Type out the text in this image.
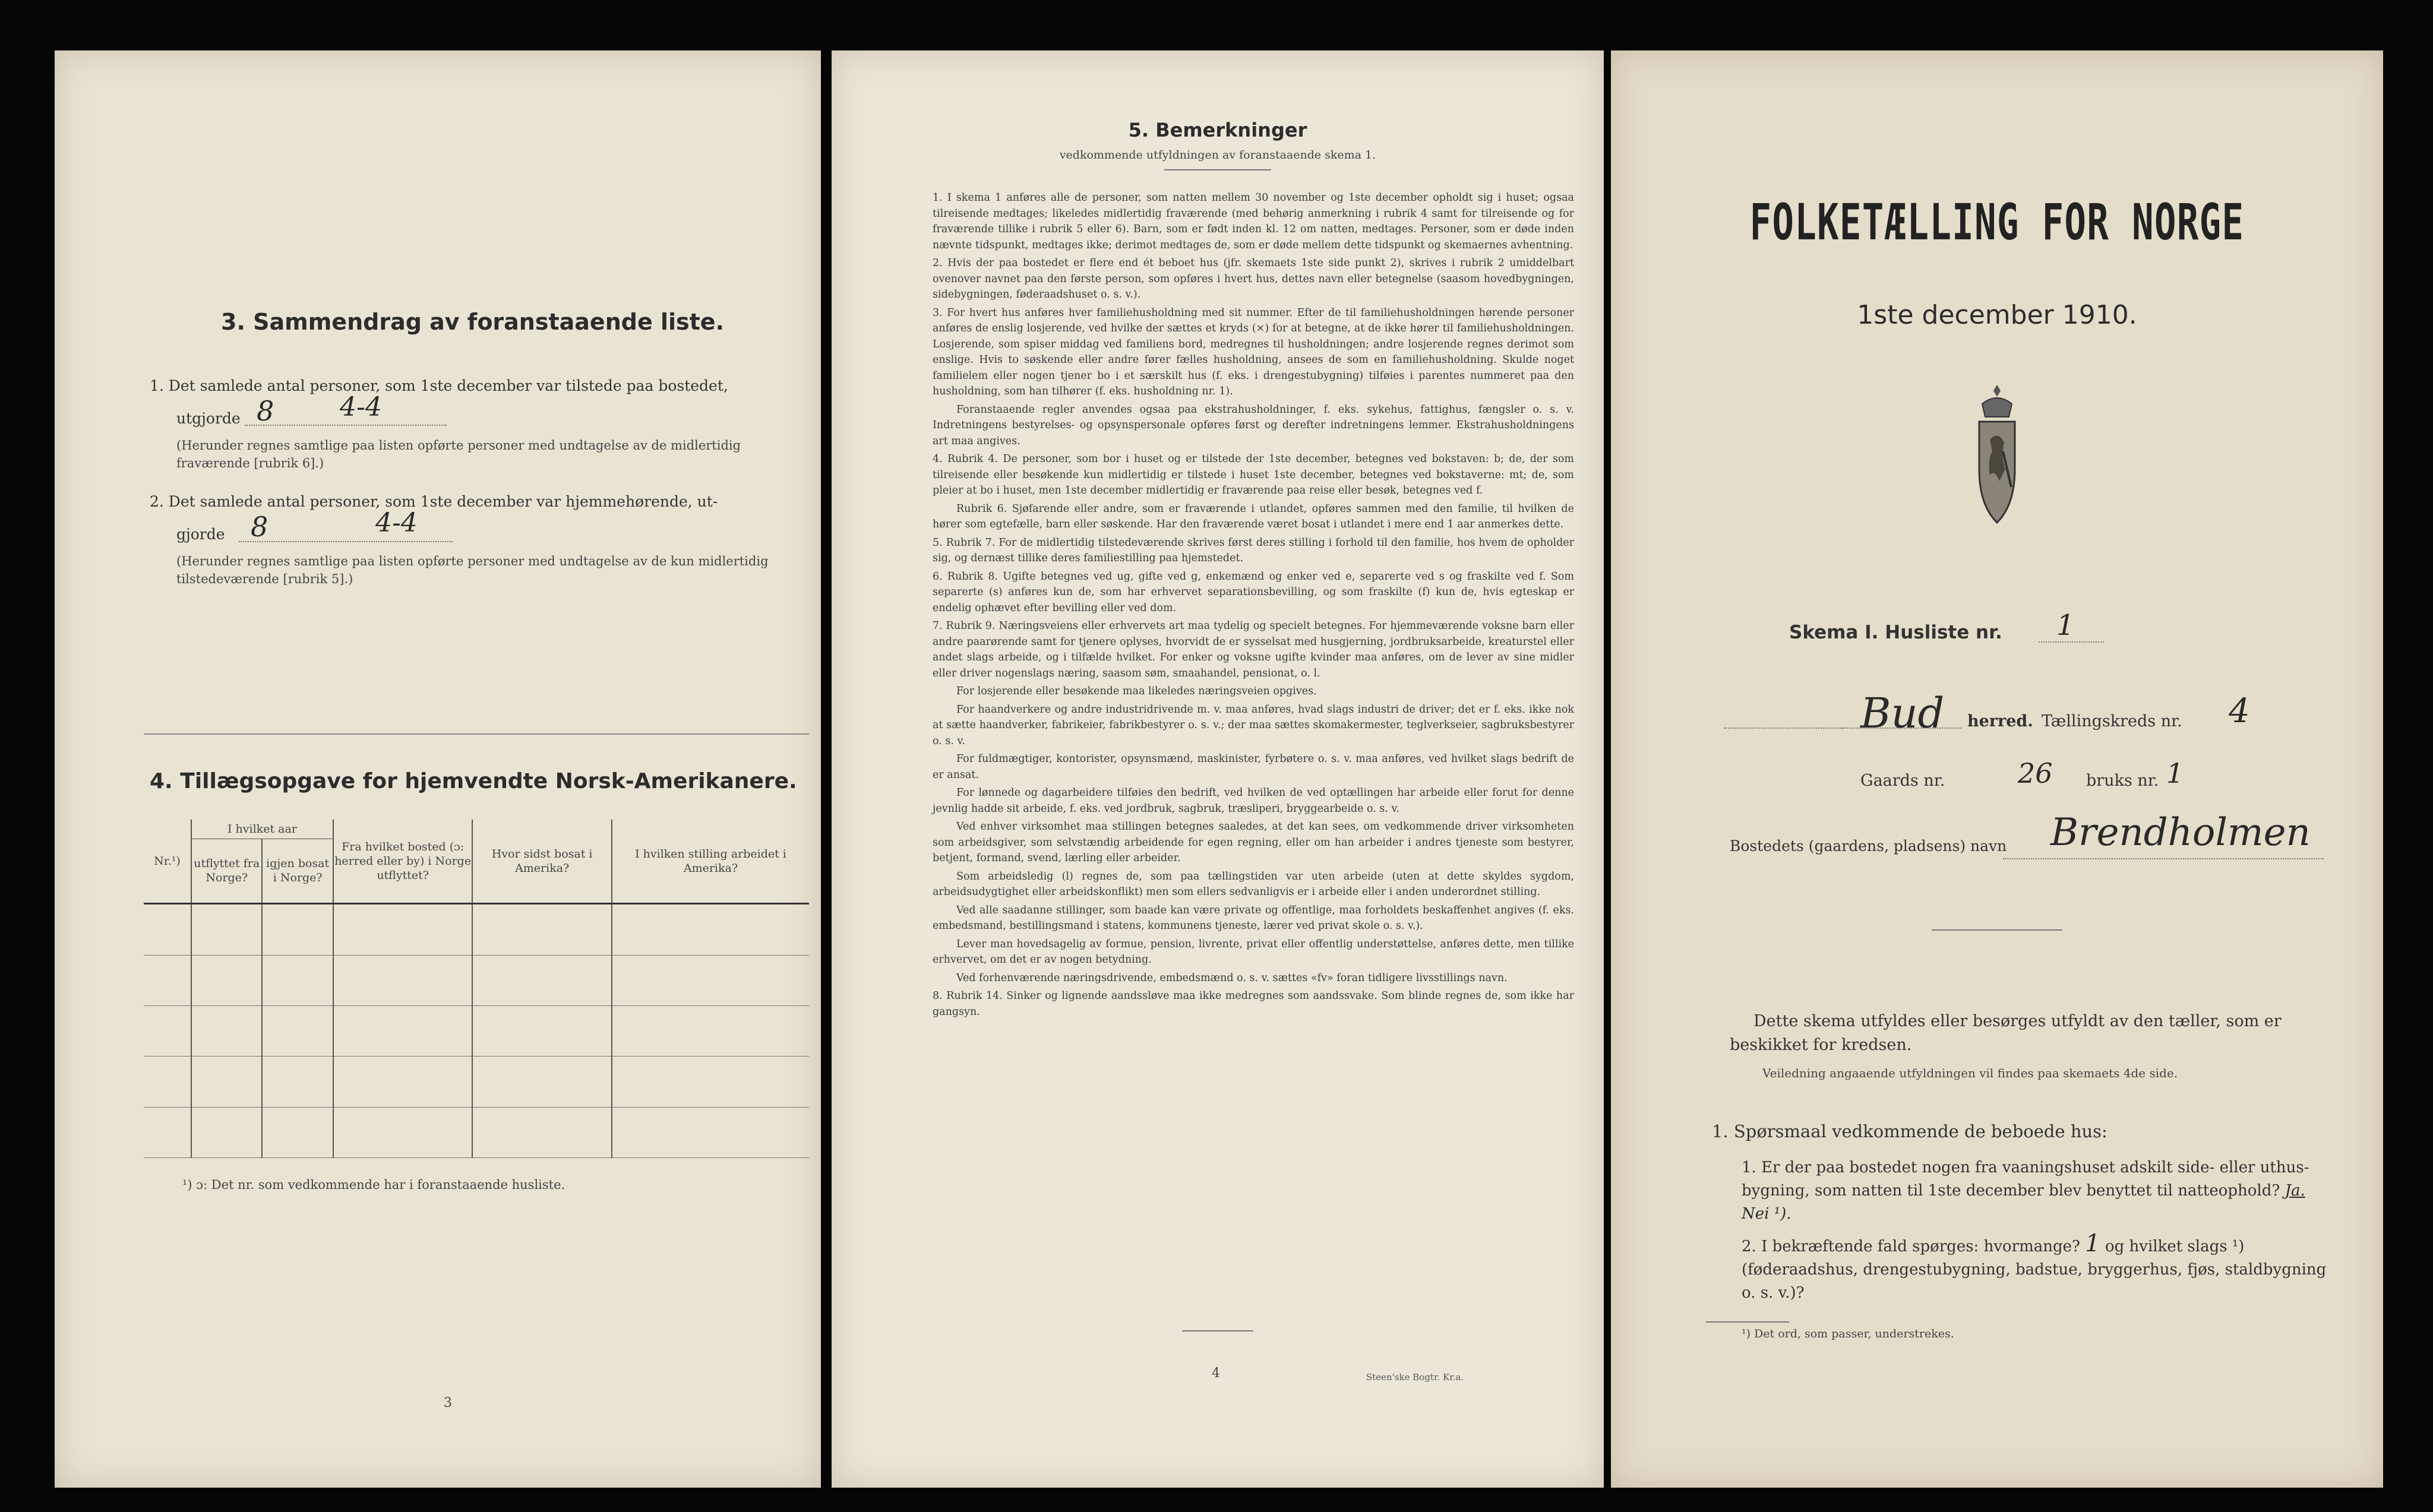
3. Sammendrag av foranstaaende liste.
1. Det samlede antal personer, som 1ste december var tilstede paa bostedet,
utgjorde 8	4-4
(Herunder regnes samtlige paa listen opførte personer med undtagelse av de midlertidig fraværende [rubrik 6].)
2. Det samlede antal personer, som 1ste december var hjemmehørende, ut-
gjorde 8	4-4
(Herunder regnes samtlige paa listen opførte personer med undtagelse av de kun midlertidig tilstedeværende [rubrik 5].)
4. Tillægsopgave for hjemvendte Norsk-Amerikanere.
Nr.¹)	I hvilket aar		Fra hvilket bosted (ɔ: herred eller by) i Norge utflyttet?	Hvor sidst bosat i Amerika?	I hvilken stilling arbeidet i Amerika?
	utflyttet fra Norge?	igjen bosat i Norge?			

¹) ɔ: Det nr. som vedkommende har i foranstaaende husliste.
3
5. Bemerkninger
vedkommende utfyldningen av foranstaaende skema 1.

1. I skema 1 anføres alle de personer, som natten mellem 30 november og 1ste december opholdt sig i huset; ogsaa tilreisende medtages; likeledes midlertidig fraværende (med behørig anmerkning i rubrik 4 samt for tilreisende og for fraværende tillike i rubrik 5 eller 6). Barn, som er født inden kl. 12 om natten, medtages. Personer, som er døde inden nævnte tidspunkt, medtages ikke; derimot medtages de, som er døde mellem dette tidspunkt og skemaernes avhentning.

2. Hvis der paa bostedet er flere end ét beboet hus (jfr. skemaets 1ste side punkt 2), skrives i rubrik 2 umiddelbart ovenover navnet paa den første person, som opføres i hvert hus, dettes navn eller betegnelse (saasom hovedbygningen, sidebygningen, føderaadshuset o. s. v.).

3. For hvert hus anføres hver familiehusholdning med sit nummer. Efter de til familiehusholdningen hørende personer anføres de enslig losjerende, ved hvilke der sættes et kryds (×) for at betegne, at de ikke hører til familiehusholdningen. Losjerende, som spiser middag ved familiens bord, medregnes til husholdningen; andre losjerende regnes derimot som enslige. Hvis to søskende eller andre fører fælles husholdning, ansees de som en familiehusholdning. Skulde noget familielem eller nogen tjener bo i et særskilt hus (f. eks. i drengestubygning) tilføies i parentes nummeret paa den husholdning, som han tilhører (f. eks. husholdning nr. 1).

Foranstaaende regler anvendes ogsaa paa ekstrahusholdninger, f. eks. sykehus, fattighus, fængsler o. s. v. Indretningens bestyrelses- og opsynspersonale opføres først og derefter indretningens lemmer. Ekstrahusholdningens art maa angives.

4. Rubrik 4. De personer, som bor i huset og er tilstede der 1ste december, betegnes ved bokstaven: b; de, der som tilreisende eller besøkende kun midlertidig er tilstede i huset 1ste december, betegnes ved bokstaverne: mt; de, som pleier at bo i huset, men 1ste december midlertidig er fraværende paa reise eller besøk, betegnes ved f.

Rubrik 6. Sjøfarende eller andre, som er fraværende i utlandet, opføres sammen med den familie, til hvilken de hører som egtefælle, barn eller søskende. Har den fraværende været bosat i utlandet i mere end 1 aar anmerkes dette.

5. Rubrik 7. For de midlertidig tilstedeværende skrives først deres stilling i forhold til den familie, hos hvem de opholder sig, og dernæst tillike deres familiestilling paa hjemstedet.

6. Rubrik 8. Ugifte betegnes ved ug, gifte ved g, enkemænd og enker ved e, separerte ved s og fraskilte ved f. Som separerte (s) anføres kun de, som har erhvervet separationsbevilling, og som fraskilte (f) kun de, hvis egteskap er endelig ophævet efter bevilling eller ved dom.

7. Rubrik 9. Næringsveiens eller erhvervets art maa tydelig og specielt betegnes. For hjemmeværende voksne barn eller andre paarørende samt for tjenere oplyses, hvorvidt de er sysselsat med husgjerning, jordbruksarbeide, kreaturstel eller andet slags arbeide, og i tilfælde hvilket. For enker og voksne ugifte kvinder maa anføres, om de lever av sine midler eller driver nogenslags næring, saasom søm, smaahandel, pensionat, o. l.

For losjerende eller besøkende maa likeledes næringsveien opgives.

For haandverkere og andre industridrivende m. v. maa anføres, hvad slags industri de driver; det er f. eks. ikke nok at sætte haandverker, fabrikeier, fabrikbestyrer o. s. v.; der maa sættes skomakermester, teglverkseier, sagbruksbestyrer o. s. v.

For fuldmægtiger, kontorister, opsynsmænd, maskinister, fyrbøtere o. s. v. maa anføres, ved hvilket slags bedrift de er ansat.

For lønnede og dagarbeidere tilføies den bedrift, ved hvilken de ved optællingen har arbeide eller forut for denne jevnlig hadde sit arbeide, f. eks. ved jordbruk, sagbruk, træsliperi, bryggearbeide o. s. v.

Ved enhver virksomhet maa stillingen betegnes saaledes, at det kan sees, om vedkommende driver virksomheten som arbeidsgiver, som selvstændig arbeidende for egen regning, eller om han arbeider i andres tjeneste som bestyrer, betjent, formand, svend, lærling eller arbeider.

Som arbeidsledig (l) regnes de, som paa tællingstiden var uten arbeide (uten at dette skyldes sygdom, arbeidsudygtighet eller arbeidskonflikt) men som ellers sedvanligvis er i arbeide eller i anden underordnet stilling.

Ved alle saadanne stillinger, som baade kan være private og offentlige, maa forholdets beskaffenhet angives (f. eks. embedsmand, bestillingsmand i statens, kommunens tjeneste, lærer ved privat skole o. s. v.).

Lever man hovedsagelig av formue, pension, livrente, privat eller offentlig understøttelse, anføres dette, men tillike erhvervet, om det er av nogen betydning.

Ved forhenværende næringsdrivende, embedsmænd o. s. v. sættes «fv» foran tidligere livsstillings navn.

8. Rubrik 14. Sinker og lignende aandssløve maa ikke medregnes som aandssvake. Som blinde regnes de, som ikke har gangsyn.

4	Steen'ske Bogtr. Kr.a.
FOLKETÆLLING FOR NORGE
1ste december 1910.
Skema I. Husliste nr. 1
Bud herred. Tællingskreds nr. 4
Gaards nr.	26 bruks nr. 1
Bostedets (gaardens, pladsens) navn Brendholmen
Dette skema utfyldes eller besørges utfyldt av den tæller, som er beskikket for kredsen.
Veiledning angaaende utfyldningen vil findes paa skemaets 4de side.
1. Spørsmaal vedkommende de beboede hus:
1. Er der paa bostedet nogen fra vaaningshuset adskilt side- eller uthus-bygning, som natten til 1ste december blev benyttet til natteophold? Ja. Nei ¹).
2. I bekræftende fald spørges: hvormange? 1 og hvilket slags ¹) (føderaadshus, drengestubygning, badstue, bryggerhus, fjøs, staldbygning o. s. v.)?
¹) Det ord, som passer, understrekes.
